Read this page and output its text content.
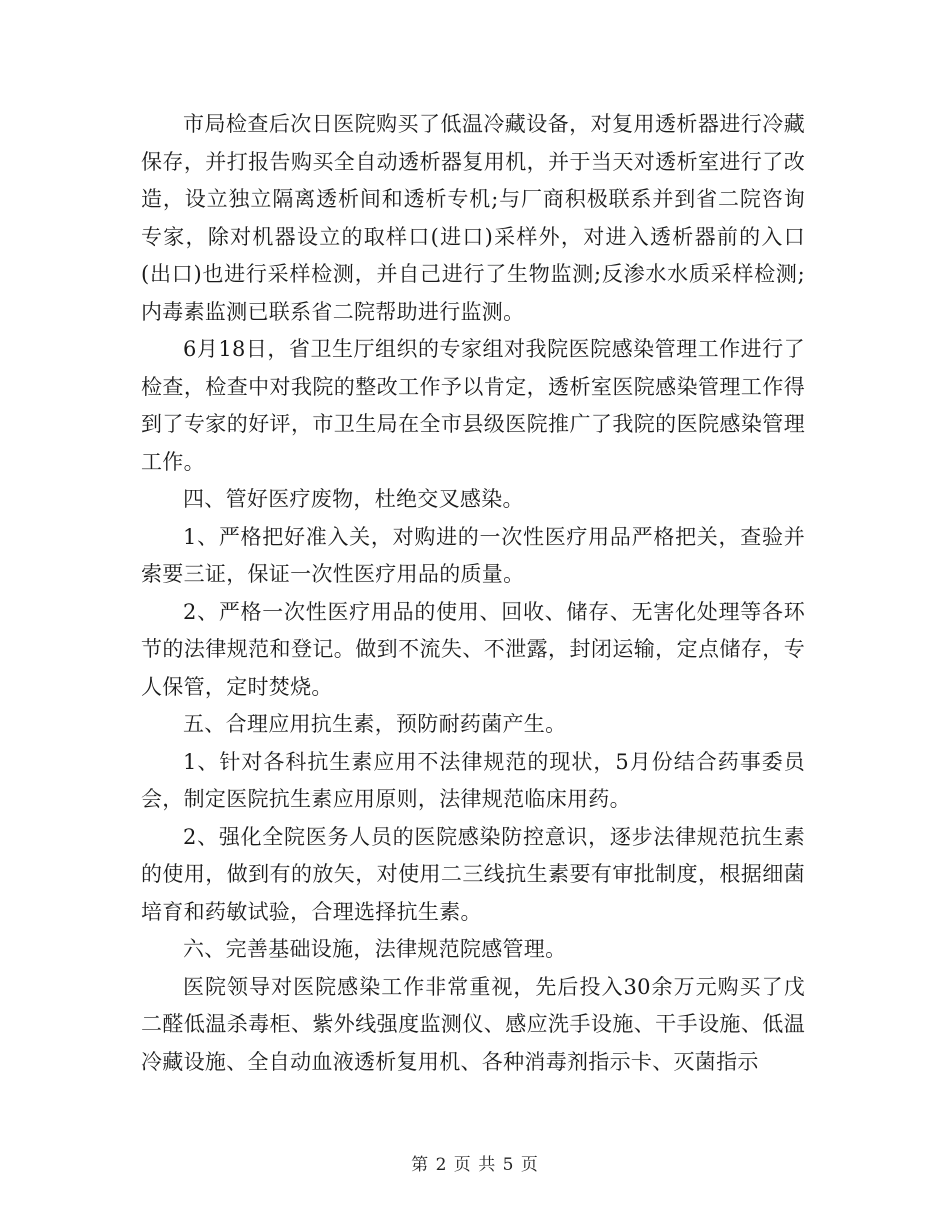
市局检查后次日医院购买了低温冷藏设备，对复用透析器进行冷藏保存，并打报告购买全自动透析器复用机，并于当天对透析室进行了改造，设立独立隔离透析间和透析专机;与厂商积极联系并到省二院咨询专家，除对机器设立的取样口(进口)采样外，对进入透析器前的入口(出口)也进行采样检测，并自己进行了生物监测;反渗水水质采样检测;内毒素监测已联系省二院帮助进行监测。

6月18日，省卫生厅组织的专家组对我院医院感染管理工作进行了检查，检查中对我院的整改工作予以肯定，透析室医院感染管理工作得到了专家的好评，市卫生局在全市县级医院推广了我院的医院感染管理工作。

四、管好医疗废物，杜绝交叉感染。

1、严格把好准入关，对购进的一次性医疗用品严格把关，查验并索要三证，保证一次性医疗用品的质量。

2、严格一次性医疗用品的使用、回收、储存、无害化处理等各环节的法律规范和登记。做到不流失、不泄露，封闭运输，定点储存，专人保管，定时焚烧。

五、合理应用抗生素，预防耐药菌产生。

1、针对各科抗生素应用不法律规范的现状，5月份结合药事委员会，制定医院抗生素应用原则，法律规范临床用药。

2、强化全院医务人员的医院感染防控意识，逐步法律规范抗生素的使用，做到有的放矢，对使用二三线抗生素要有审批制度，根据细菌培育和药敏试验，合理选择抗生素。

六、完善基础设施，法律规范院感管理。

医院领导对医院感染工作非常重视，先后投入30余万元购买了戊二醛低温杀毒柜、紫外线强度监测仪、感应洗手设施、干手设施、低温冷藏设施、全自动血液透析复用机、各种消毒剂指示卡、灭菌指示

第 2 页 共 5 页
